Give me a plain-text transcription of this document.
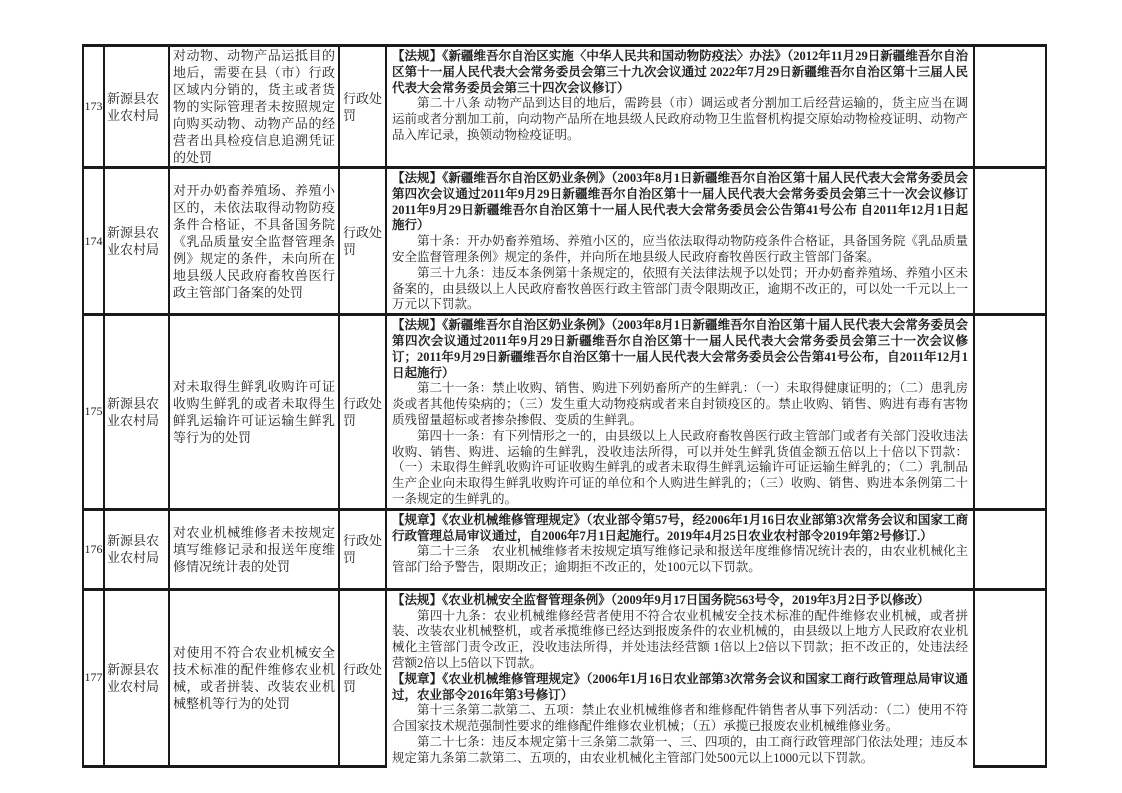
173	新源县农业农村局	对动物、动物产品运抵目的地后，需要在县（市）行政区域内分销的，货主或者货物的实际管理者未按照规定向购买动物、动物产品的经营者出具检疫信息追溯凭证的处罚	行政处罚	【法规】《新疆维吾尔自治区实施〈中华人民共和国动物防疫法〉办法》（2012年11月29日新疆维吾尔自治区第十一届人民代表大会常务委员会第三十九次会议通过 2022年7月29日新疆维吾尔自治区第十三届人民代表大会常务委员会第三十四次会议修订）

第二十八条 动物产品到达目的地后，需跨县（市）调运或者分割加工后经营运输的，货主应当在调运前或者分割加工前，向动物产品所在地县级人民政府动物卫生监督机构提交原始动物检疫证明、动物产品入库记录，换领动物检疫证明。	

174	新源县农业农村局	对开办奶畜养殖场、养殖小区的，未依法取得动物防疫条件合格证，不具备国务院《乳品质量安全监督管理条例》规定的条件，未向所在地县级人民政府畜牧兽医行政主管部门备案的处罚	行政处罚	【法规】《新疆维吾尔自治区奶业条例》（2003年8月1日新疆维吾尔自治区第十届人民代表大会常务委员会第四次会议通过2011年9月29日新疆维吾尔自治区第十一届人民代表大会常务委员会第三十一次会议修订 2011年9月29日新疆维吾尔自治区第十一届人民代表大会常务委员会公告第41号公布 自2011年12月1日起施行）

第十条：开办奶畜养殖场、养殖小区的，应当依法取得动物防疫条件合格证，具备国务院《乳品质量安全监督管理条例》规定的条件，并向所在地县级人民政府畜牧兽医行政主管部门备案。

第三十九条：违反本条例第十条规定的，依照有关法律法规予以处罚；开办奶畜养殖场、养殖小区未备案的，由县级以上人民政府畜牧兽医行政主管部门责令限期改正，逾期不改正的，可以处一千元以上一万元以下罚款。	

175	新源县农业农村局	对未取得生鲜乳收购许可证收购生鲜乳的或者未取得生鲜乳运输许可证运输生鲜乳等行为的处罚	行政处罚	【法规】《新疆维吾尔自治区奶业条例》（2003年8月1日新疆维吾尔自治区第十届人民代表大会常务委员会第四次会议通过2011年9月29日新疆维吾尔自治区第十一届人民代表大会常务委员会第三十一次会议修订；2011年9月29日新疆维吾尔自治区第十一届人民代表大会常务委员会公告第41号公布，自2011年12月1日起施行）

第二十一条：禁止收购、销售、购进下列奶畜所产的生鲜乳：（一）未取得健康证明的；（二）患乳房炎或者其他传染病的；（三）发生重大动物疫病或者来自封锁疫区的。禁止收购、销售、购进有毒有害物质残留量超标或者掺杂掺假、变质的生鲜乳。

第四十一条：有下列情形之一的，由县级以上人民政府畜牧兽医行政主管部门或者有关部门没收违法收购、销售、购进、运输的生鲜乳，没收违法所得，可以并处生鲜乳货值金额五倍以上十倍以下罚款：（一）未取得生鲜乳收购许可证收购生鲜乳的或者未取得生鲜乳运输许可证运输生鲜乳的；（二）乳制品生产企业向未取得生鲜乳收购许可证的单位和个人购进生鲜乳的；（三）收购、销售、购进本条例第二十一条规定的生鲜乳的。	

176	新源县农业农村局	对农业机械维修者未按规定填写维修记录和报送年度维修情况统计表的处罚	行政处罚	【规章】《农业机械维修管理规定》（农业部令第57号，经2006年1月16日农业部第3次常务会议和国家工商行政管理总局审议通过，自2006年7月1日起施行。2019年4月25日农业农村部令2019年第2号修订.）

第二十三条　农业机械维修者未按规定填写维修记录和报送年度维修情况统计表的，由农业机械化主管部门给予警告，限期改正；逾期拒不改正的，处100元以下罚款。	

177	新源县农业农村局	对使用不符合农业机械安全技术标准的配件维修农业机械，或者拼装、改装农业机械整机等行为的处罚	行政处罚	【法规】《农业机械安全监督管理条例》（2009年9月17日国务院563号令，2019年3月2日予以修改）

第四十九条：农业机械维修经营者使用不符合农业机械安全技术标准的配件维修农业机械，或者拼装、改装农业机械整机，或者承揽维修已经达到报废条件的农业机械的，由县级以上地方人民政府农业机械化主管部门责令改正，没收违法所得，并处违法经营额 1倍以上2倍以下罚款；拒不改正的，处违法经营额2倍以上5倍以下罚款。

【规章】《农业机械维修管理规定》（2006年1月16日农业部第3次常务会议和国家工商行政管理总局审议通过，农业部令2016年第3号修订）

第十三条第二款第二、五项：禁止农业机械维修者和维修配件销售者从事下列活动：（二）使用不符合国家技术规范强制性要求的维修配件维修农业机械；（五）承揽已报废农业机械维修业务。

第二十七条：违反本规定第十三条第二款第一、三、四项的，由工商行政管理部门依法处理；违反本规定第九条第二款第二、五项的，由农业机械化主管部门处500元以上1000元以下罚款。	
